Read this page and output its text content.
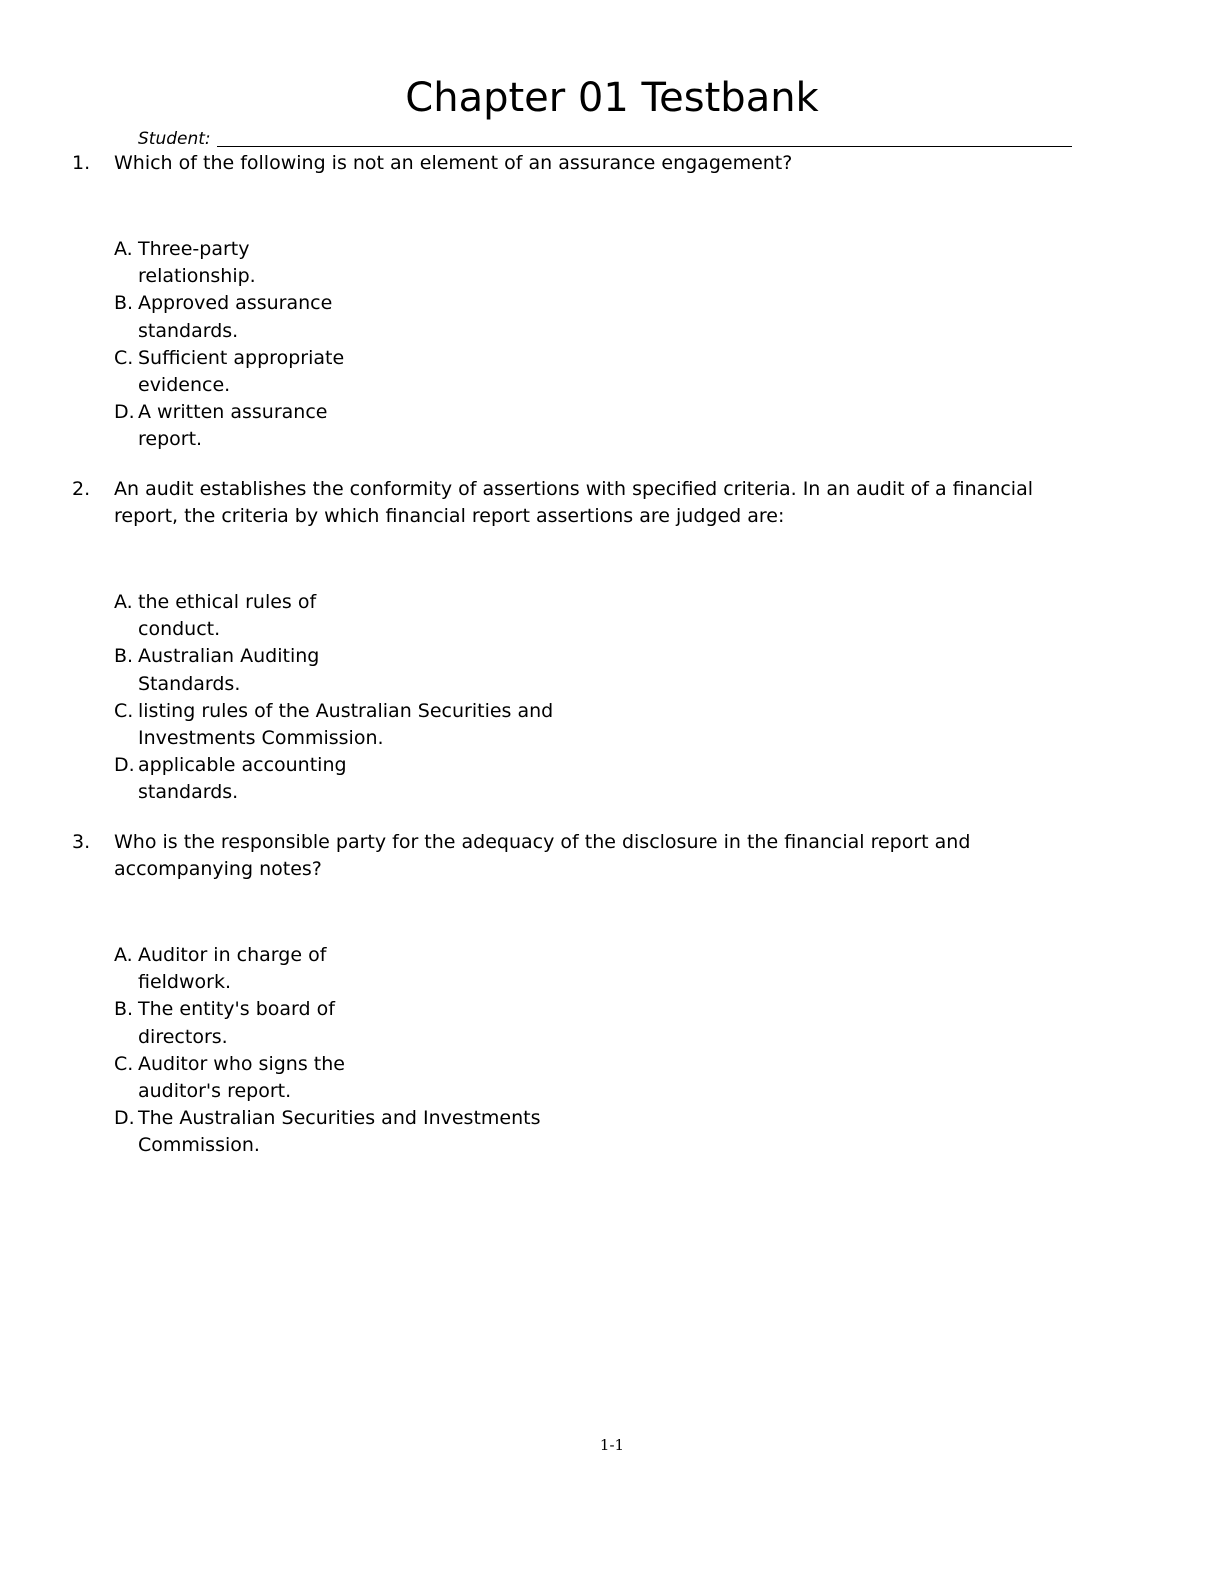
Chapter 01 Testbank
Student:
1. Which of the following is not an element of an assurance engagement?
A. Three-party
relationship.
B. Approved assurance
standards.
C. Sufficient appropriate
evidence.
D. A written assurance
report.
2. An audit establishes the conformity of assertions with specified criteria. In an audit of a financial
report, the criteria by which financial report assertions are judged are:
A. the ethical rules of
conduct.
B. Australian Auditing
Standards.
C. listing rules of the Australian Securities and
Investments Commission.
D. applicable accounting
standards.
3. Who is the responsible party for the adequacy of the disclosure in the financial report and
accompanying notes?
A. Auditor in charge of
fieldwork.
B. The entity's board of
directors.
C. Auditor who signs the
auditor's report.
D. The Australian Securities and Investments
Commission.
1-1
